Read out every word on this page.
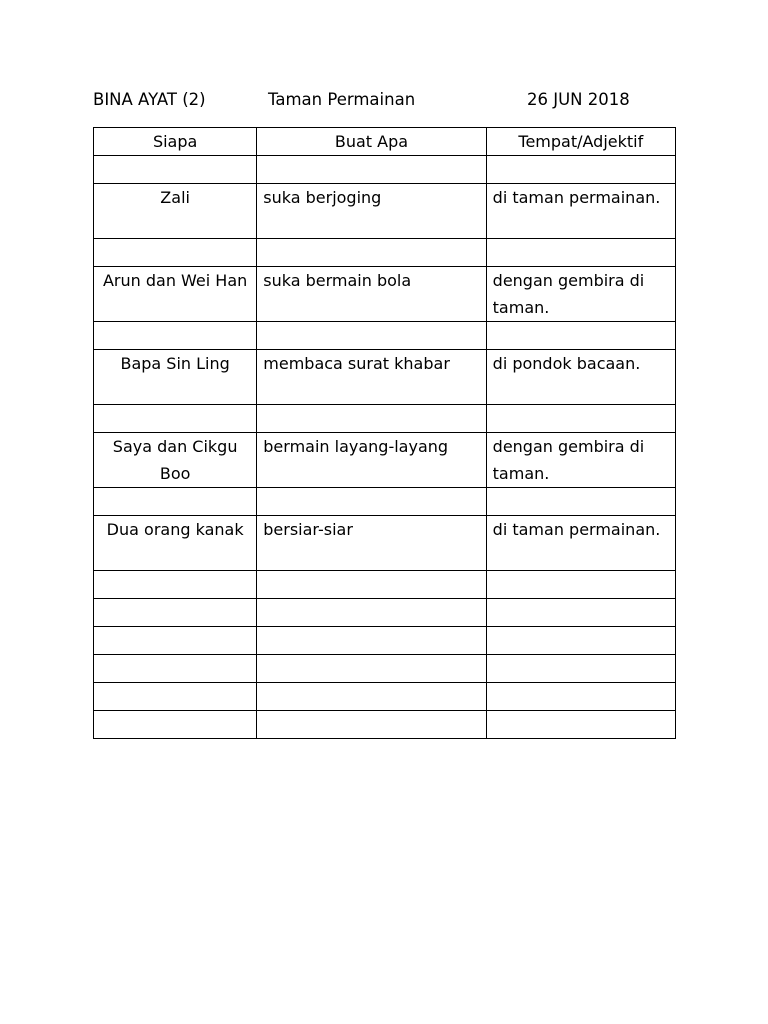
BINA AYAT (2)	Taman Permainan	26 JUN 2018
Siapa	Buat Apa	Tempat/Adjektif

Zali	suka berjoging	di taman permainan.

Arun dan Wei Han	suka bermain bola	dengan gembira di taman.

Bapa Sin Ling	membaca surat khabar	di pondok bacaan.

Saya dan Cikgu Boo	bermain layang-layang	dengan gembira di taman.

Dua orang kanak	bersiar-siar	di taman permainan.
